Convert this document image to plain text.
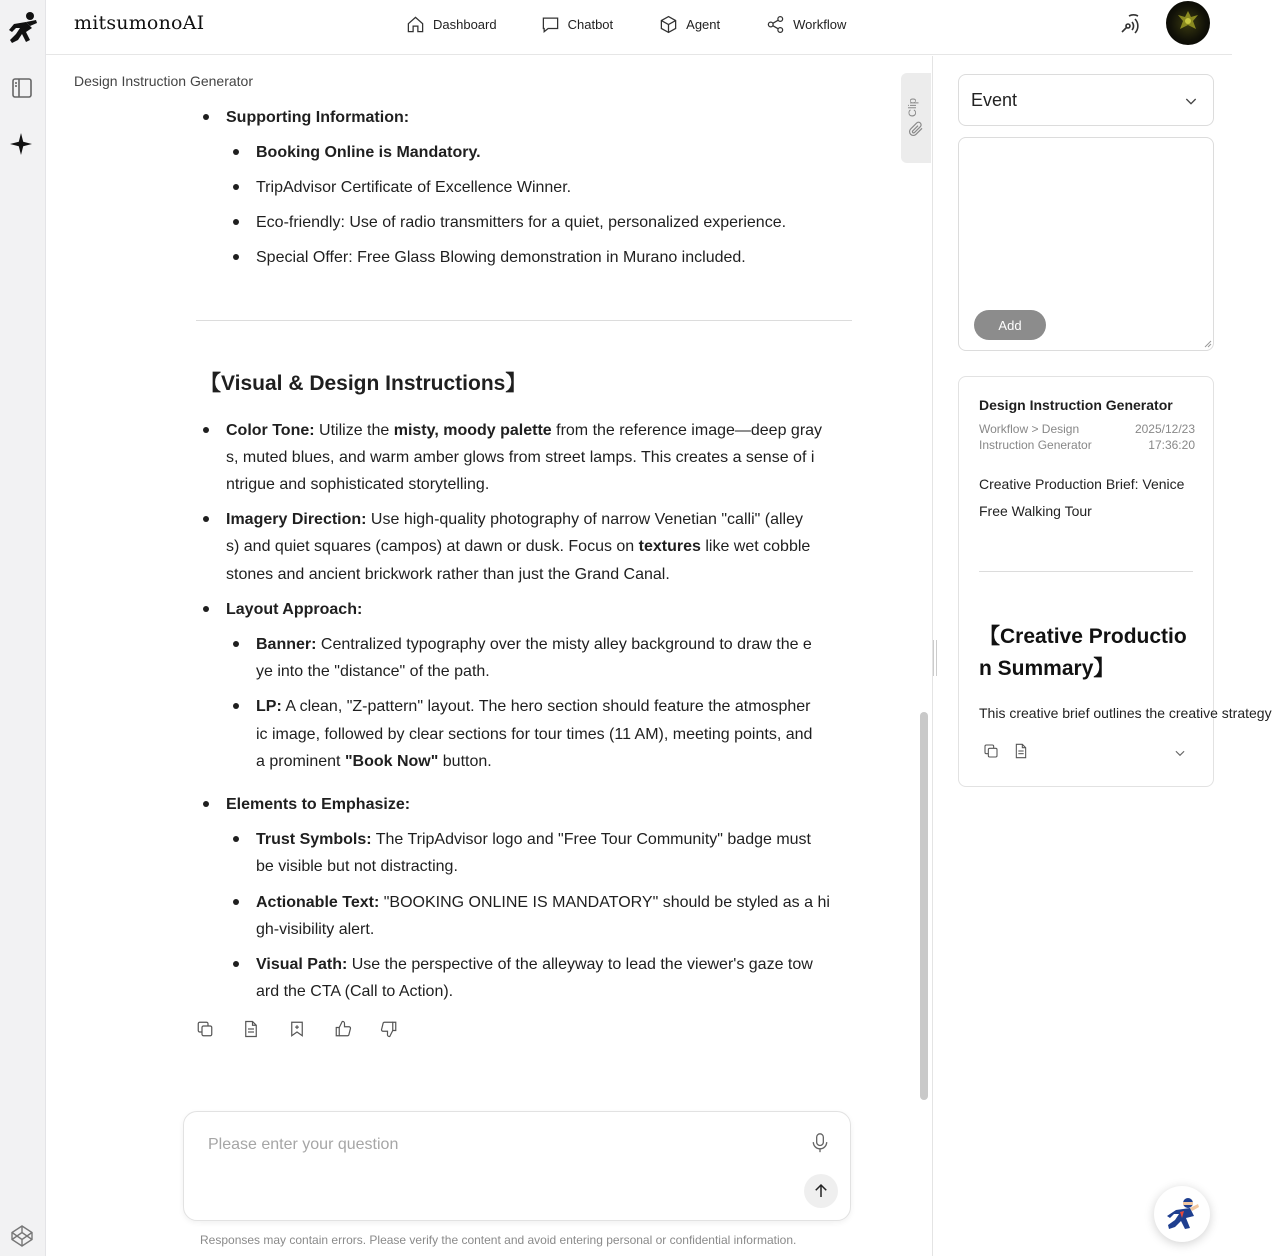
mitsumonoAI	Dashboard	Chatbot	Agent	Workflow
Design Instruction Generator
Supporting Information:
Booking Online is Mandatory.
TripAdvisor Certificate of Excellence Winner.
Eco-friendly: Use of radio transmitters for a quiet, personalized experience.
Special Offer: Free Glass Blowing demonstration in Murano included.
【Visual & Design Instructions】
Color Tone: Utilize the misty, moody palette from the reference image—deep gray
s, muted blues, and warm amber glows from street lamps. This creates a sense of i
ntrigue and sophisticated storytelling.
Imagery Direction: Use high-quality photography of narrow Venetian "calli" (alley
s) and quiet squares (campos) at dawn or dusk. Focus on textures like wet cobble
stones and ancient brickwork rather than just the Grand Canal.
Layout Approach:
Banner: Centralized typography over the misty alley background to draw the e
ye into the "distance" of the path.
LP: A clean, "Z-pattern" layout. The hero section should feature the atmospher
ic image, followed by clear sections for tour times (11 AM), meeting points, and
a prominent "Book Now" button.
Elements to Emphasize:
Trust Symbols: The TripAdvisor logo and "Free Tour Community" badge must
be visible but not distracting.
Actionable Text: "BOOKING ONLINE IS MANDATORY" should be styled as a hi
gh-visibility alert.
Visual Path: Use the perspective of the alleyway to lead the viewer's gaze tow
ard the CTA (Call to Action).
Clip
Please enter your question
Responses may contain errors. Please verify the content and avoid entering personal or confidential information.
Event
Add
Design Instruction Generator
Workflow > Design Instruction Generator
2025/12/23
17:36:20
Creative Production Brief: Venice Free Walking Tour
【Creative Production Summary】
This creative brief outlines the creative strategy
